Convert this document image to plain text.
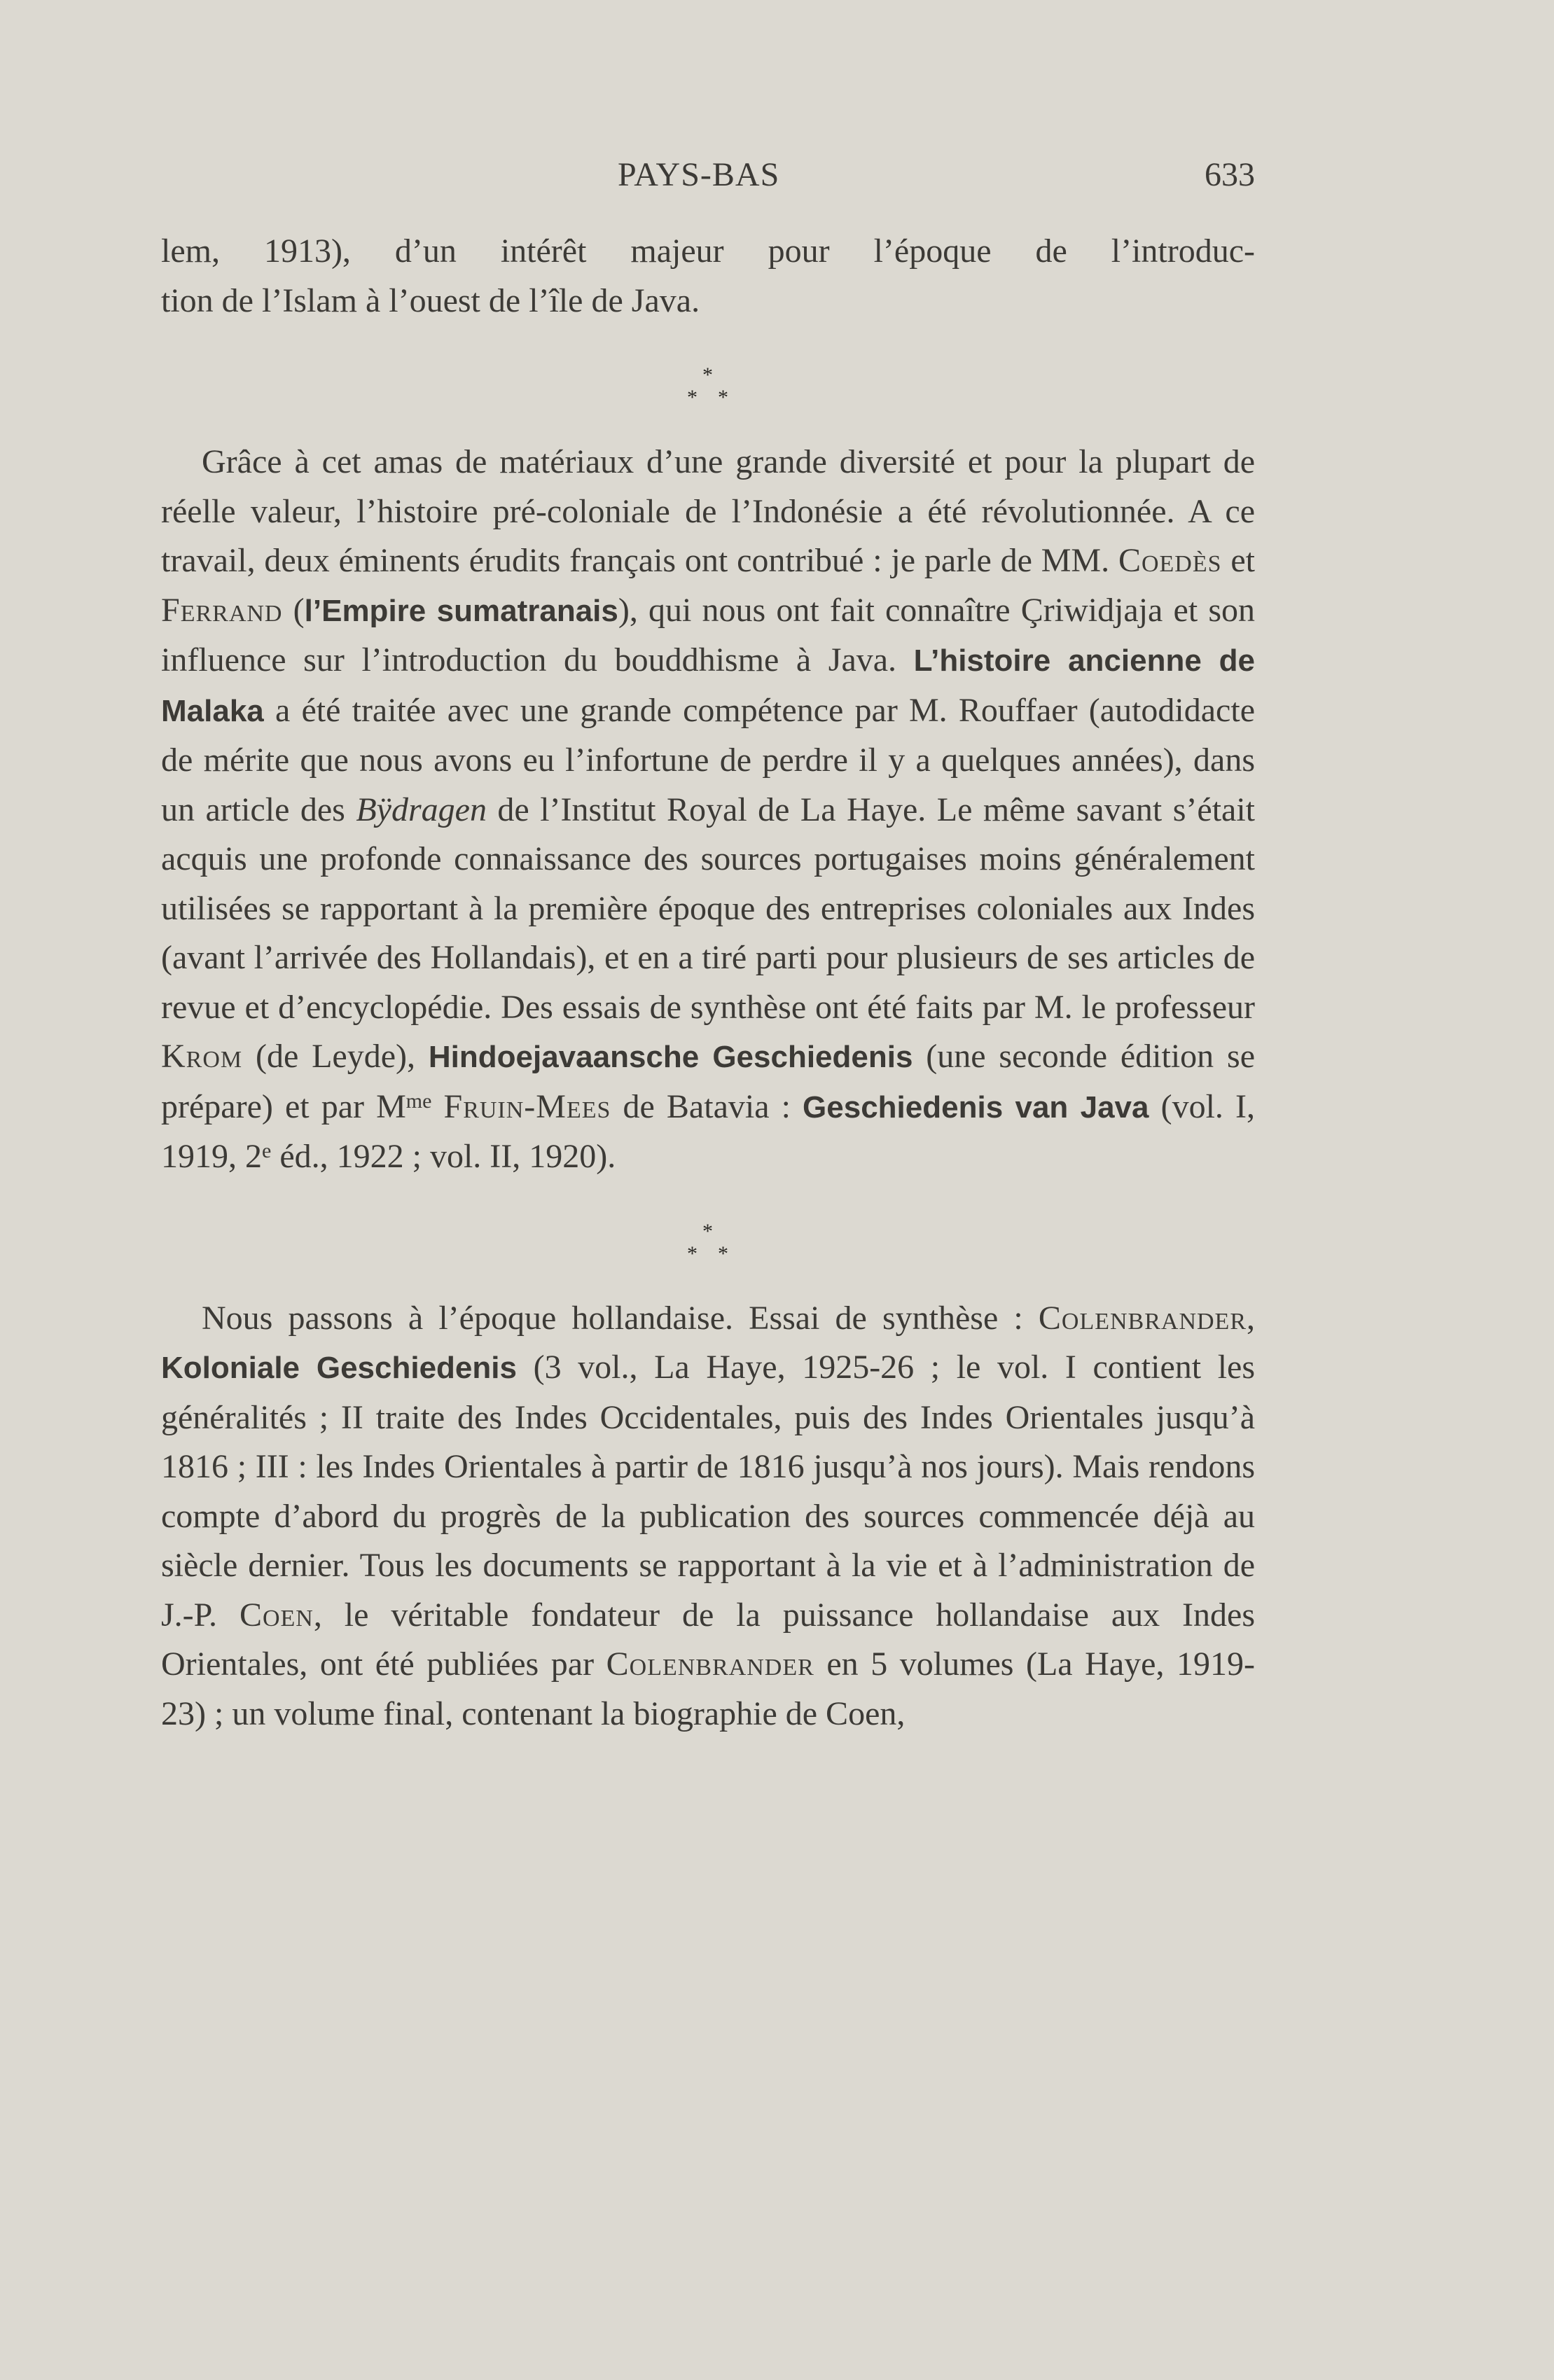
PAYS-BAS	633

lem, 1913), d’un intérêt majeur pour l’époque de l’introduc-

tion de l’Islam à l’ouest de l’île de Java.

*
* *

Grâce à cet amas de matériaux d’une grande diversité et pour la plupart de réelle valeur, l’histoire pré-coloniale de l’Indonésie a été révolutionnée. A ce travail, deux éminents érudits français ont contribué : je parle de MM. Coedès et Ferrand (l’Empire sumatranais), qui nous ont fait connaître Çriwidjaja et son influence sur l’introduction du bouddhisme à Java. L’histoire ancienne de Malaka a été traitée avec une grande compétence par M. Rouffaer (autodidacte de mérite que nous avons eu l’infortune de perdre il y a quelques années), dans un article des Bÿdragen de l’Institut Royal de La Haye. Le même savant s’était acquis une profonde connaissance des sources portugaises moins généralement utilisées se rapportant à la première époque des entreprises coloniales aux Indes (avant l’arrivée des Hollandais), et en a tiré parti pour plusieurs de ses articles de revue et d’encyclopédie. Des essais de synthèse ont été faits par M. le professeur Krom (de Leyde), Hindoejavaansche Geschiedenis (une seconde édition se prépare) et par $M^{me}$ Fruin-Mees de Batavia : Geschiedenis van Java (vol. I, 1919, 2e éd., 1922 ; vol. II, 1920).

*
* *

Nous passons à l’époque hollandaise. Essai de synthèse : Colenbrander, Koloniale Geschiedenis (3 vol., La Haye, 1925-26 ; le vol. I contient les généralités ; II traite des Indes Occidentales, puis des Indes Orientales jusqu’à 1816 ; III : les Indes Orientales à partir de 1816 jusqu’à nos jours). Mais rendons compte d’abord du progrès de la publication des sources commencée déjà au siècle dernier. Tous les documents se rapportant à la vie et à l’administration de J.-P. Coen, le véritable fondateur de la puissance hollandaise aux Indes Orientales, ont été publiées par Colenbrander en 5 volumes (La Haye, 1919-23) ; un volume final, contenant la biographie de Coen,
